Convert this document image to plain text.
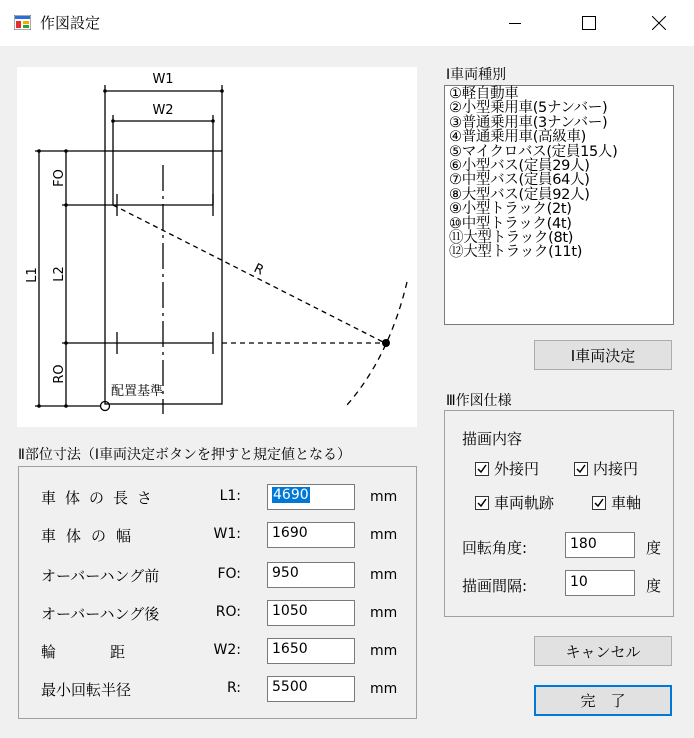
作図設定
W1
W2
FO
L1 L2
RO
R
配置基準
Ⅱ部位寸法（Ⅰ車両決定ボタンを押すと規定値となる）
車体の長さ	L1:	4690	mm
車体の幅	W1:	1690	mm
オーバーハング前	FO:	950	mm
オーバーハング後	RO:	1050	mm
輪距	W2:	1650	mm
最小回転半径	R:	5500	mm
Ⅰ車両種別
①軽自動車
②小型乗用車(5ナンバー)
③普通乗用車(3ナンバー)
④普通乗用車(高級車)
⑤マイクロバス(定員15人)
⑥小型バス(定員29人)
⑦中型バス(定員64人)
⑧大型バス(定員92人)
⑨小型トラック(2t)
⑩中型トラック(4t)
⑪大型トラック(8t)
⑫大型トラック(11t)
Ⅰ車両決定
Ⅲ作図仕様
描画内容
外接円	内接円
車両軌跡	車軸
回転角度:	180	度
描画間隔:	10	度
キャンセル
完　了
